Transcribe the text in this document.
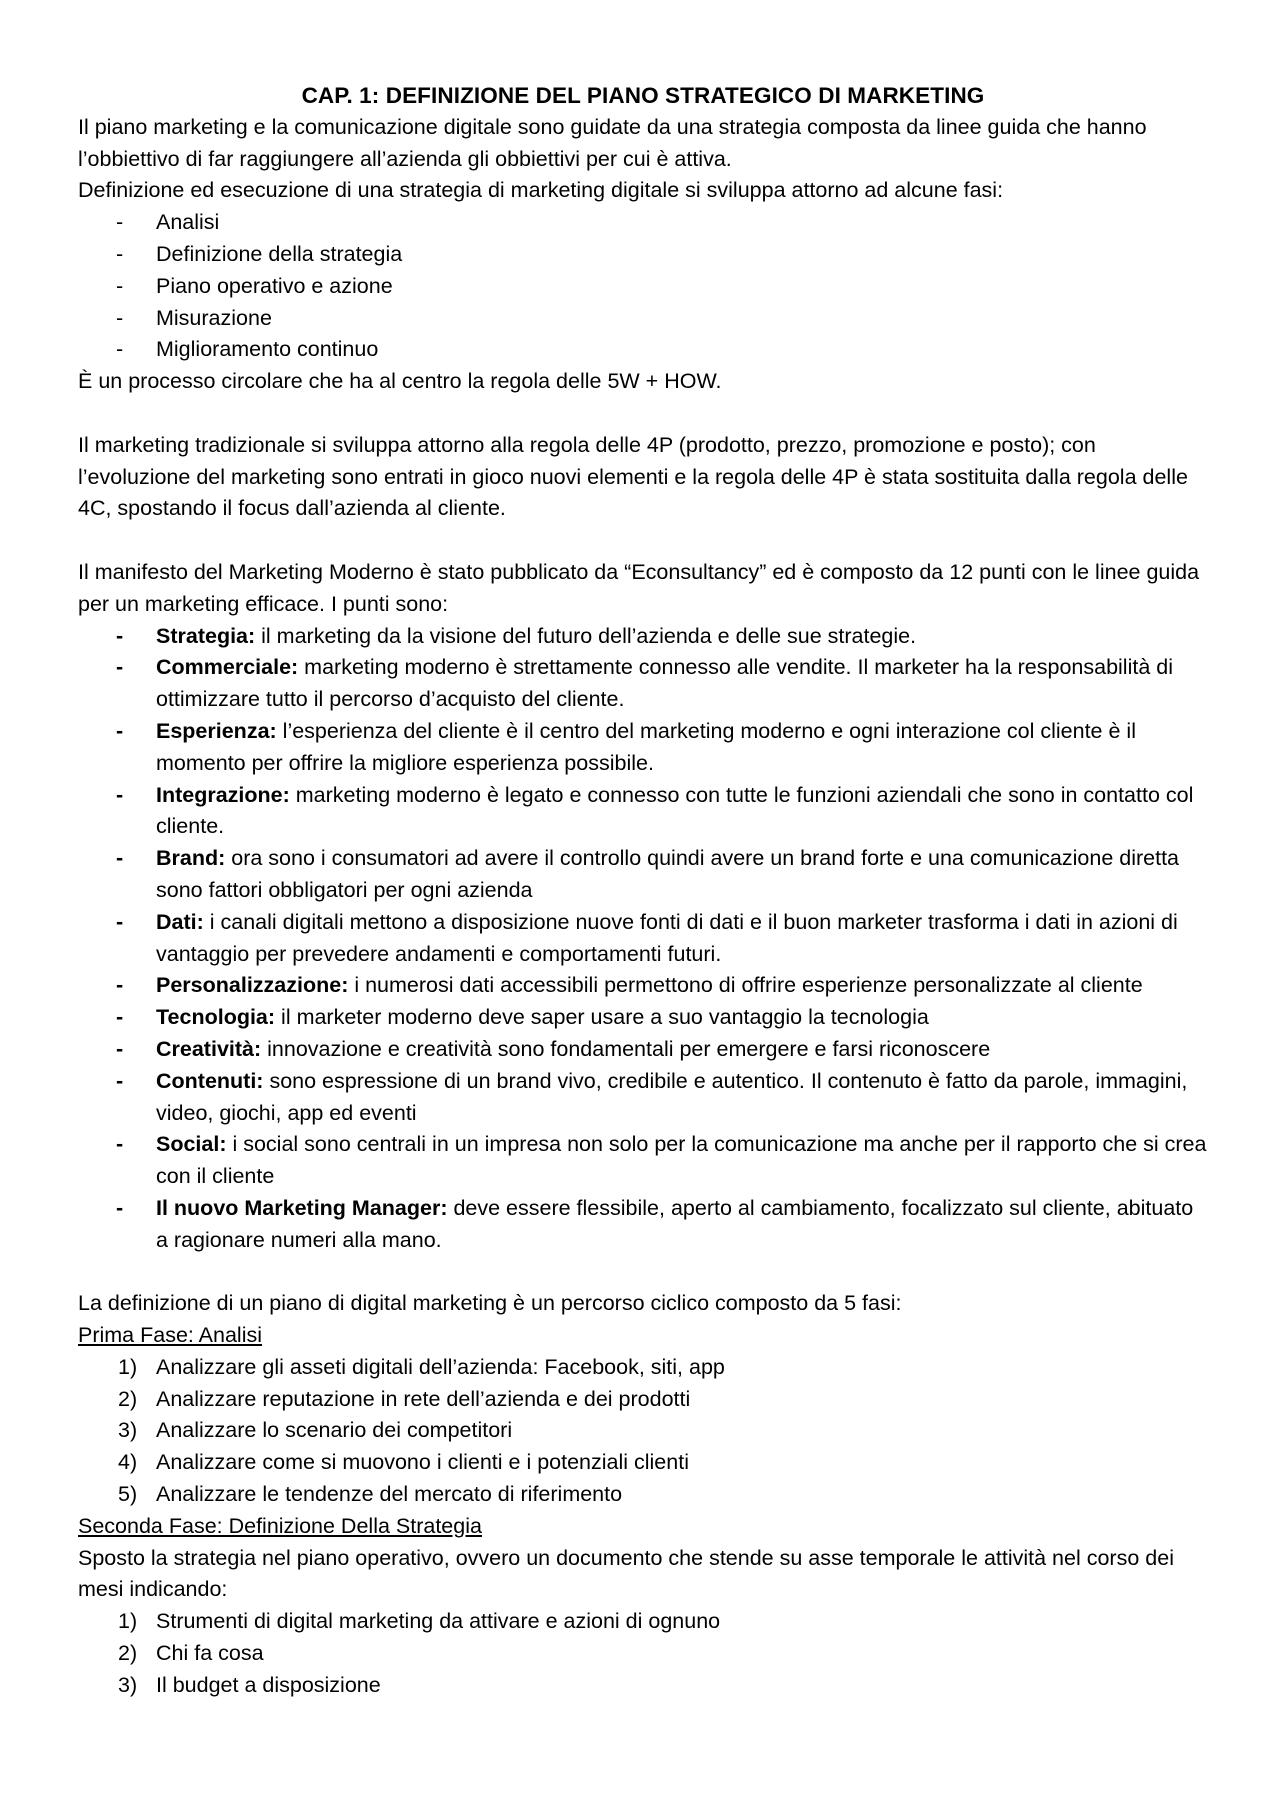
CAP. 1: DEFINIZIONE DEL PIANO STRATEGICO DI MARKETING

Il piano marketing e la comunicazione digitale sono guidate da una strategia composta da linee guida che hanno l’obbiettivo di far raggiungere all’azienda gli obbiettivi per cui è attiva.

Definizione ed esecuzione di una strategia di marketing digitale si sviluppa attorno ad alcune fasi:

- Analisi
- Definizione della strategia
- Piano operativo e azione
- Misurazione
- Miglioramento continuo

È un processo circolare che ha al centro la regola delle 5W + HOW.

Il marketing tradizionale si sviluppa attorno alla regola delle 4P (prodotto, prezzo, promozione e posto); con l’evoluzione del marketing sono entrati in gioco nuovi elementi e la regola delle 4P è stata sostituita dalla regola delle 4C, spostando il focus dall’azienda al cliente.

Il manifesto del Marketing Moderno è stato pubblicato da “Econsultancy” ed è composto da 12 punti con le linee guida per un marketing efficace. I punti sono:

- Strategia: il marketing da la visione del futuro dell’azienda e delle sue strategie.
- Commerciale: marketing moderno è strettamente connesso alle vendite. Il marketer ha la responsabilità di ottimizzare tutto il percorso d’acquisto del cliente.
- Esperienza: l’esperienza del cliente è il centro del marketing moderno e ogni interazione col cliente è il momento per offrire la migliore esperienza possibile.
- Integrazione: marketing moderno è legato e connesso con tutte le funzioni aziendali che sono in contatto col cliente.
- Brand: ora sono i consumatori ad avere il controllo quindi avere un brand forte e una comunicazione diretta sono fattori obbligatori per ogni azienda
- Dati: i canali digitali mettono a disposizione nuove fonti di dati e il buon marketer trasforma i dati in azioni di vantaggio per prevedere andamenti e comportamenti futuri.
- Personalizzazione: i numerosi dati accessibili permettono di offrire esperienze personalizzate al cliente
- Tecnologia: il marketer moderno deve saper usare a suo vantaggio la tecnologia
- Creatività: innovazione e creatività sono fondamentali per emergere e farsi riconoscere
- Contenuti: sono espressione di un brand vivo, credibile e autentico. Il contenuto è fatto da parole, immagini, video, giochi, app ed eventi
- Social: i social sono centrali in un impresa non solo per la comunicazione ma anche per il rapporto che si crea con il cliente
- Il nuovo Marketing Manager: deve essere flessibile, aperto al cambiamento, focalizzato sul cliente, abituato a ragionare numeri alla mano.

La definizione di un piano di digital marketing è un percorso ciclico composto da 5 fasi:

Prima Fase: Analisi

1) Analizzare gli asseti digitali dell’azienda: Facebook, siti, app
2) Analizzare reputazione in rete dell’azienda e dei prodotti
3) Analizzare lo scenario dei competitori
4) Analizzare come si muovono i clienti e i potenziali clienti
5) Analizzare le tendenze del mercato di riferimento

Seconda Fase: Definizione Della Strategia

Sposto la strategia nel piano operativo, ovvero un documento che stende su asse temporale le attività nel corso dei mesi indicando:

1) Strumenti di digital marketing da attivare e azioni di ognuno
2) Chi fa cosa
3) Il budget a disposizione
